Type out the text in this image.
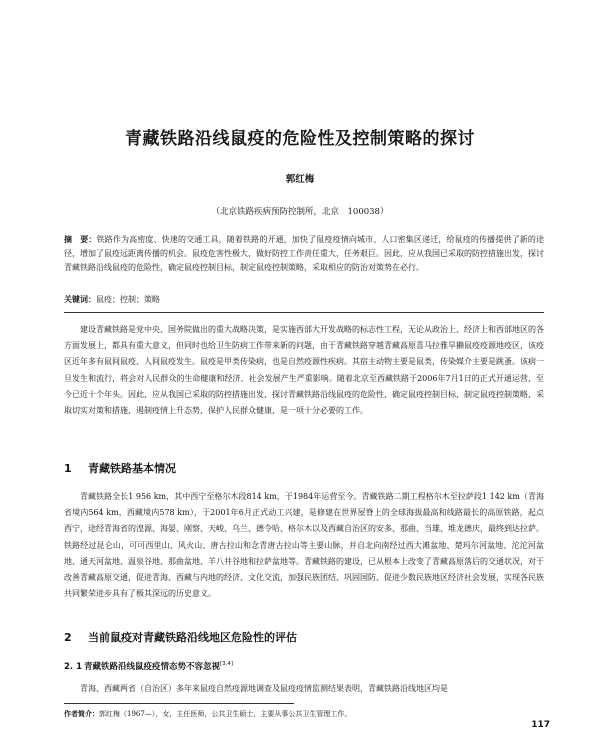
青藏铁路沿线鼠疫的危险性及控制策略的探讨

郭红梅

（北京铁路疾病预防控制所，北京　100038）

摘　要：铁路作为高密度、快速的交通工具，随着铁路的开通，加快了鼠疫疫情向城市、人口密集区递迁，给鼠疫的传播提供了新的途径，增加了鼠疫远距离传播的机会。鼠疫危害性极大，做好防控工作责任重大，任务艰巨。因此，应从我国已采取的防控措施出发，探讨青藏铁路沿线鼠疫的危险性，确定鼠疫控制目标，制定鼠疫控制策略，采取相应的防治对策势在必行。

关键词：鼠疫；控制；策略

建设青藏铁路是党中央、国务院做出的重大战略决策，是实施西部大开发战略的标志性工程，无论从政治上、经济上和西部地区的各方面发展上，都具有重大意义，但同时也给卫生防病工作带来新的问题，由于青藏铁路穿越青藏高原喜马拉雅旱獭鼠疫疫源地疫区，该疫区近年多有鼠间鼠疫、人间鼠疫发生。鼠疫是甲类传染病，也是自然疫源性疾病。其宿主动物主要是鼠类，传染媒介主要是跳蚤。该病一旦发生和流行，将会对人民群众的生命健康和经济、社会发展产生严重影响。随着北京至西藏铁路于2006年7月1日的正式开通运营，至今已近十个年头。因此，应从我国已采取的防控措施出发，探讨青藏铁路沿线鼠疫的危险性，确定鼠疫控制目标，制定鼠疫控制策略，采取切实对策和措施，遏制疫情上升态势，保护人民群众健康，是一项十分必要的工作。

1 青藏铁路基本情况

青藏铁路全长1 956 km，其中西宁至格尔木段814 km，于1984年运营至今。青藏铁路二期工程格尔木至拉萨段1 142 km（青海省境内564 km，西藏境内578 km），于2001年6月正式动工兴建，是修建在世界屋脊上的全球海拔最高和线路最长的高原铁路，起点西宁，途经青海省的湟源、海晏、刚察、天峻、乌兰、德令哈、格尔木以及西藏自治区的安多、那曲、当雄、堆龙德庆，最终到达拉萨。铁路经过昆仑山，可可西里山、风火山、唐古拉山和念青唐古拉山等主要山脉，并自北向南经过西大滩盆地、楚玛尔河盆地、沱沱河盆地、通天河盆地、温泉谷地、那曲盆地、羊八井谷地和拉萨盆地等。青藏铁路的建设，已从根本上改变了青藏高原落后的交通状况，对于改善青藏高原交通，促进青海、西藏与内地的经济、文化交流，加强民族团结、巩固国防、促进少数民族地区经济社会发展，实现各民族共同繁荣进步具有了极其深远的历史意义。

2 当前鼠疫对青藏铁路沿线地区危险性的评估
2. 1 青藏铁路沿线鼠疫疫情态势不容忽视[3,4]

青海、西藏两省（自治区）多年来鼠疫自然疫源地调查及鼠疫疫情监测结果表明，青藏铁路沿线地区均是

作者简介：郭红梅（1967—），女，主任医师，公共卫生硕士，主要从事公共卫生管理工作。

117
